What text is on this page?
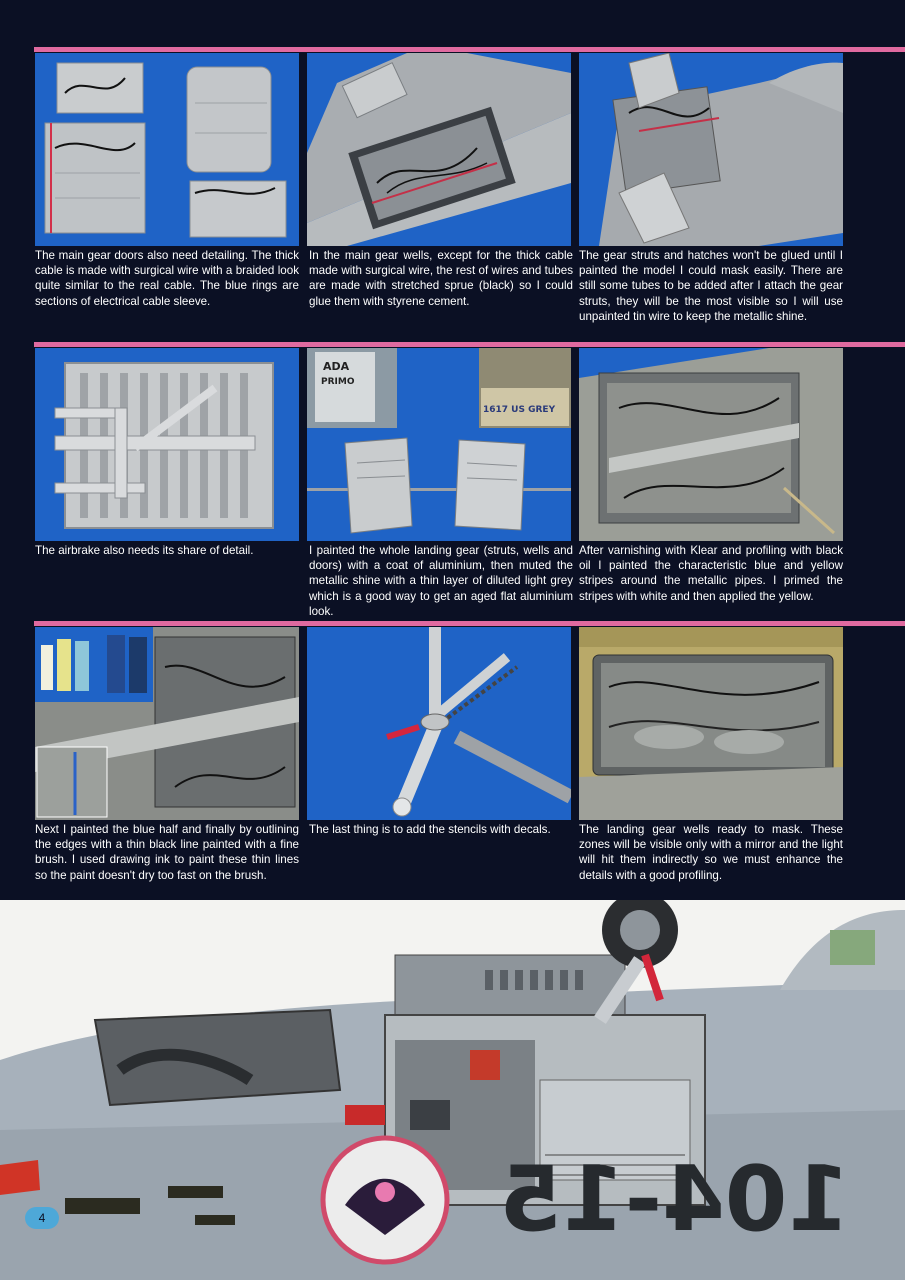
The main gear doors also need detailing. The thick cable is made with surgical wire with a braided look quite similar to the real cable. The blue rings are sections of electrical cable sleeve.

In the main gear wells, except for the thick cable made with surgical wire, the rest of wires and tubes are made with stretched sprue (black) so I could glue them with styrene cement.

The gear struts and hatches won't be glued until I painted the model I could mask easily. There are still some tubes to be added after I attach the gear struts, they will be the most visible so I will use unpainted tin wire to keep the metallic shine.

The airbrake also needs its share of detail.

ADA
PRIMO
1617 US GREY

I painted the whole landing gear (struts, wells and doors) with a coat of aluminium, then muted the metallic shine with a thin layer of diluted light grey which is a good way to get an aged flat aluminium look.

After varnishing with Klear and profiling with black oil I painted the characteristic blue and yellow stripes around the metallic pipes. I primed the stripes with white and then applied the yellow.

Next I painted the blue half and finally by outlining the edges with a thin black line painted with a fine brush. I used drawing ink to paint these thin lines so the paint doesn't dry too fast on the brush.

The last thing is to add the stencils with decals.	The landing gear wells ready to mask. These zones will be visible only with a mirror and the light will hit them indirectly so we must enhance the details with a good profiling.

104-15
4
